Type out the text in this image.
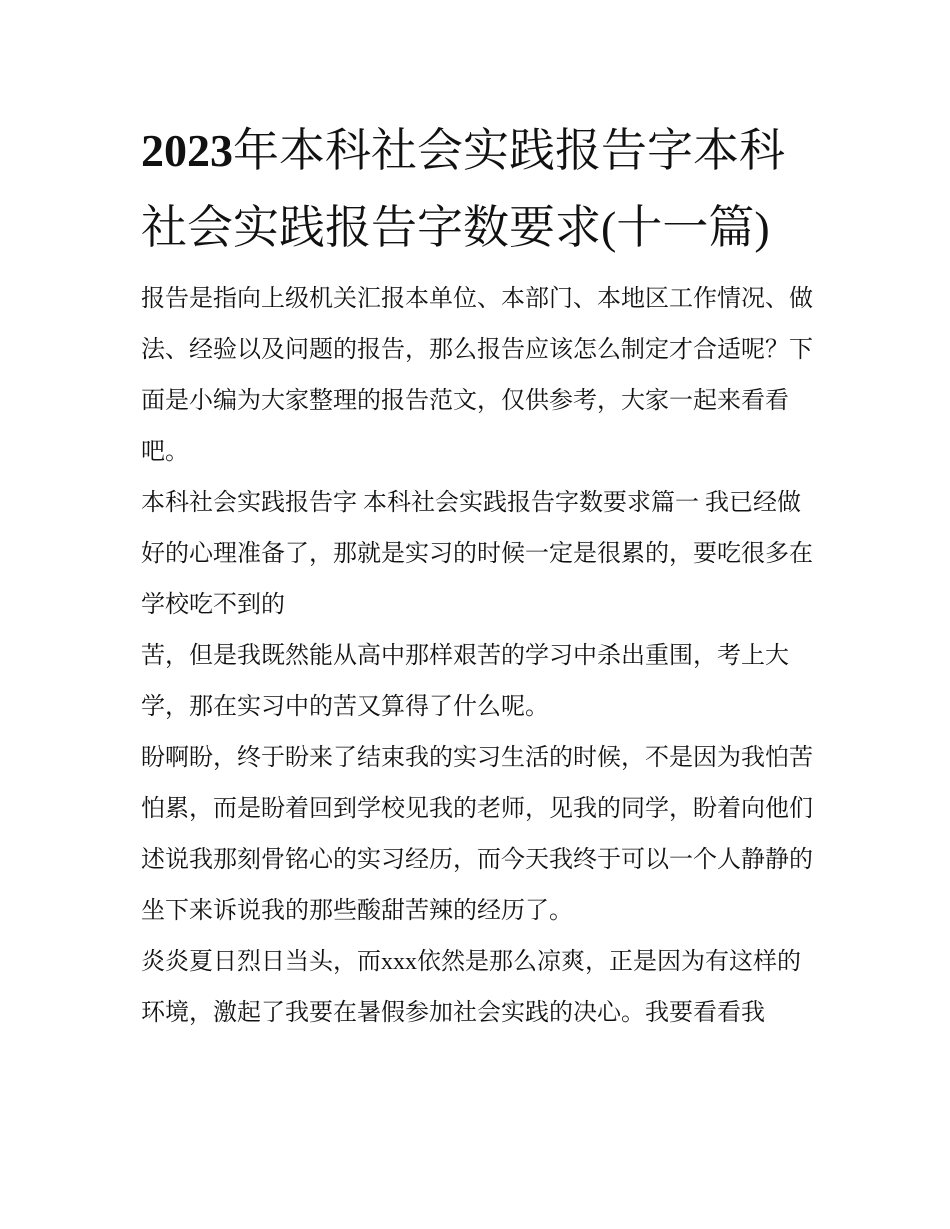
2023年本科社会实践报告字本科社会实践报告字数要求(十一篇)

报告是指向上级机关汇报本单位、本部门、本地区工作情况、做法、经验以及问题的报告，那么报告应该怎么制定才合适呢？下面是小编为大家整理的报告范文，仅供参考，大家一起来看看吧。

本科社会实践报告字 本科社会实践报告字数要求篇一 我已经做好的心理准备了，那就是实习的时候一定是很累的，要吃很多在学校吃不到的

苦，但是我既然能从高中那样艰苦的学习中杀出重围，考上大学，那在实习中的苦又算得了什么呢。

盼啊盼，终于盼来了结束我的实习生活的时候，不是因为我怕苦怕累，而是盼着回到学校见我的老师，见我的同学，盼着向他们述说我那刻骨铭心的实习经历，而今天我终于可以一个人静静的坐下来诉说我的那些酸甜苦辣的经历了。

炎炎夏日烈日当头，而xxx依然是那么凉爽，正是因为有这样的环境，激起了我要在暑假参加社会实践的决心。我要看看我
